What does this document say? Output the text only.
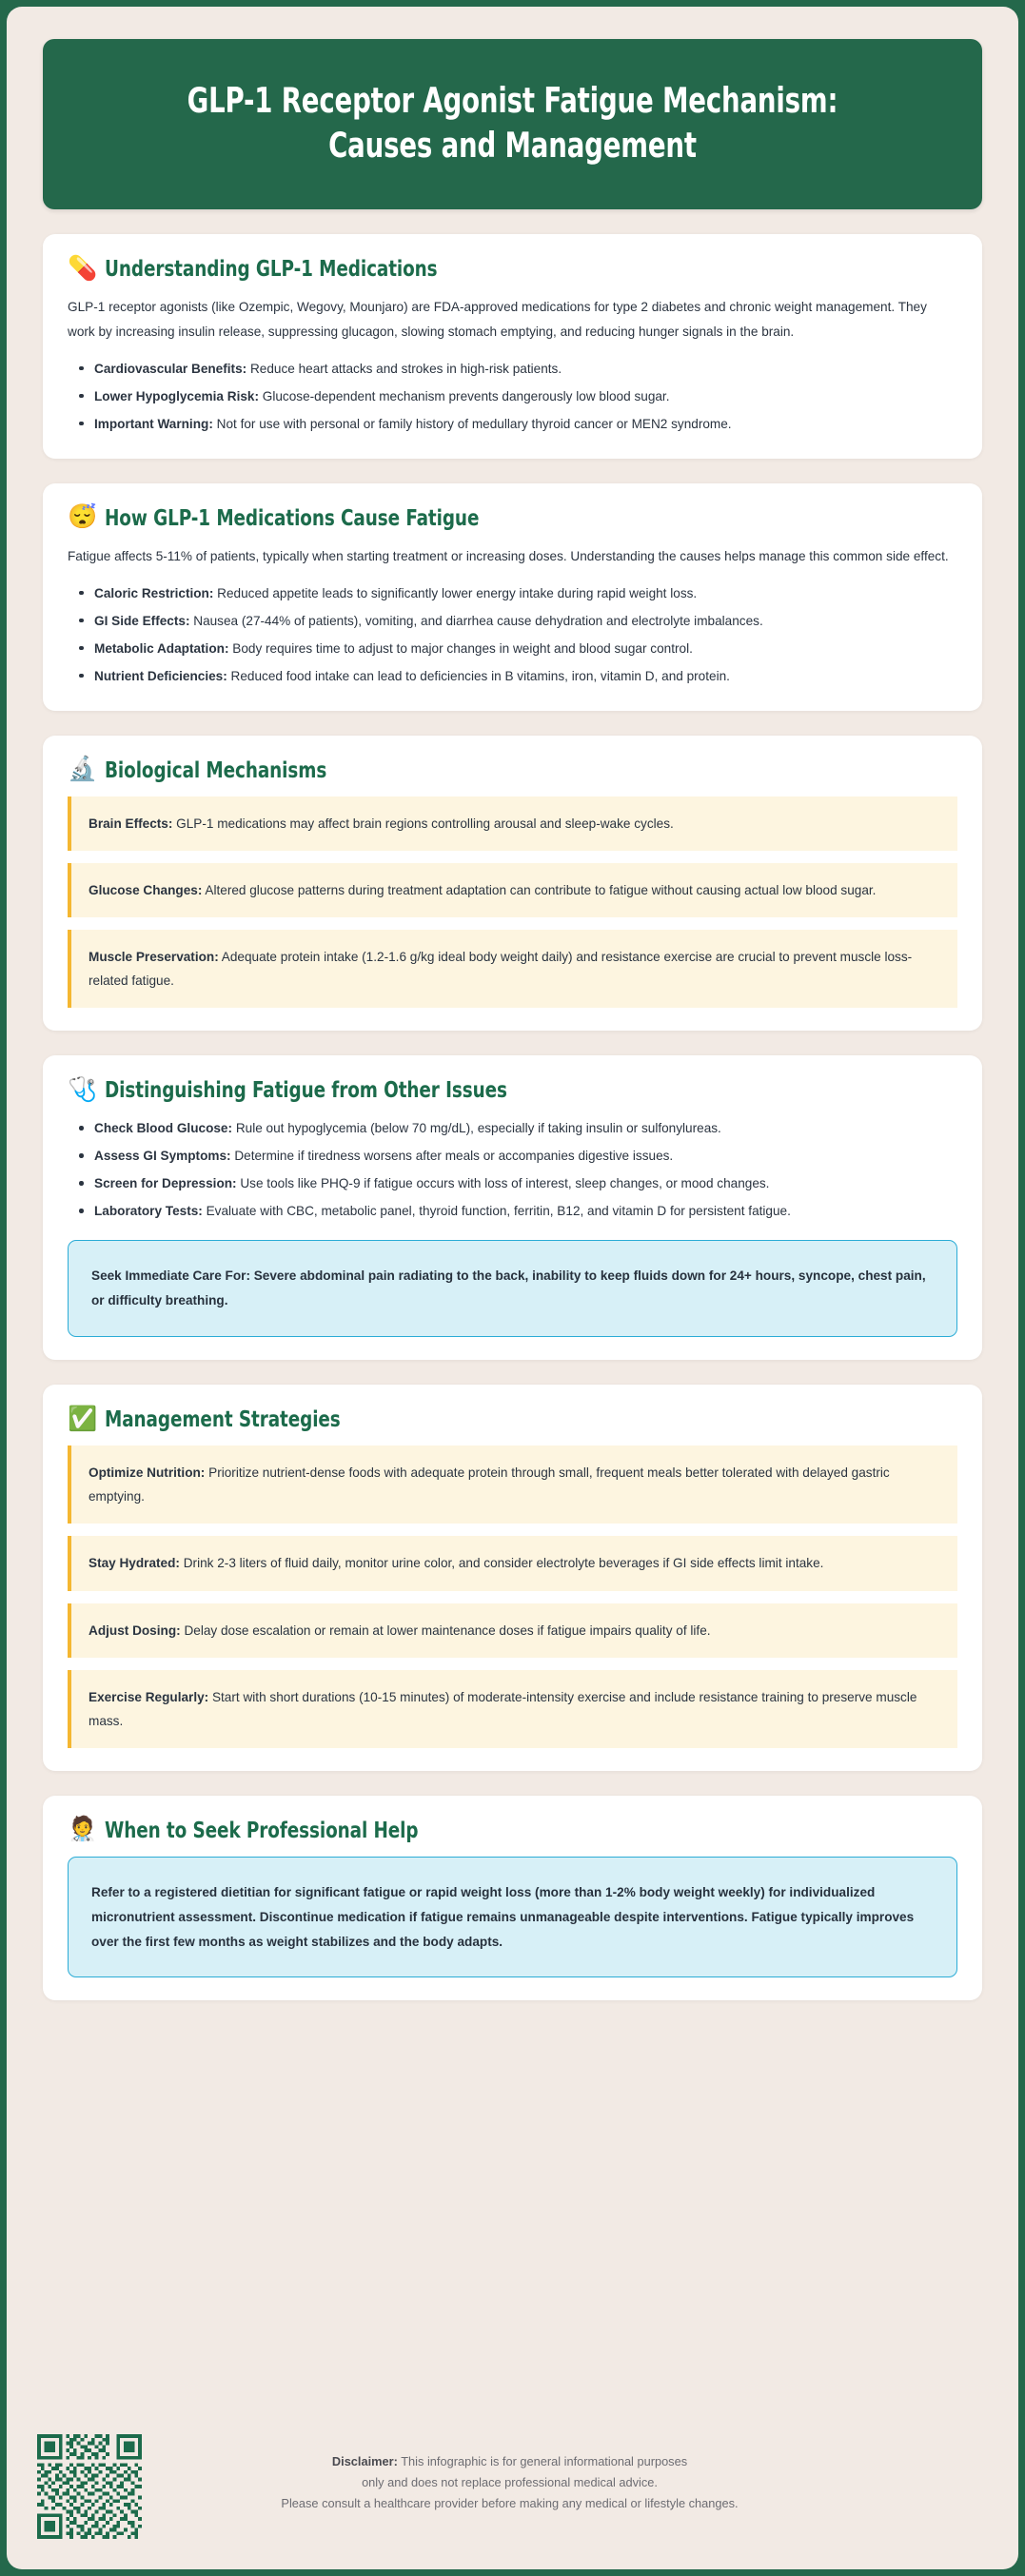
GLP-1 Receptor Agonist Fatigue Mechanism: Causes and Management
💊 Understanding GLP-1 Medications
GLP-1 receptor agonists (like Ozempic, Wegovy, Mounjaro) are FDA-approved medications for type 2 diabetes and chronic weight management. They work by increasing insulin release, suppressing glucagon, slowing stomach emptying, and reducing hunger signals in the brain.
Cardiovascular Benefits: Reduce heart attacks and strokes in high-risk patients.
Lower Hypoglycemia Risk: Glucose-dependent mechanism prevents dangerously low blood sugar.
Important Warning: Not for use with personal or family history of medullary thyroid cancer or MEN2 syndrome.
😴 How GLP-1 Medications Cause Fatigue
Fatigue affects 5-11% of patients, typically when starting treatment or increasing doses. Understanding the causes helps manage this common side effect.
Caloric Restriction: Reduced appetite leads to significantly lower energy intake during rapid weight loss.
GI Side Effects: Nausea (27-44% of patients), vomiting, and diarrhea cause dehydration and electrolyte imbalances.
Metabolic Adaptation: Body requires time to adjust to major changes in weight and blood sugar control.
Nutrient Deficiencies: Reduced food intake can lead to deficiencies in B vitamins, iron, vitamin D, and protein.
🔬 Biological Mechanisms
Brain Effects: GLP-1 medications may affect brain regions controlling arousal and sleep-wake cycles.
Glucose Changes: Altered glucose patterns during treatment adaptation can contribute to fatigue without causing actual low blood sugar.
Muscle Preservation: Adequate protein intake (1.2-1.6 g/kg ideal body weight daily) and resistance exercise are crucial to prevent muscle loss-related fatigue.
🩺 Distinguishing Fatigue from Other Issues
Check Blood Glucose: Rule out hypoglycemia (below 70 mg/dL), especially if taking insulin or sulfonylureas.
Assess GI Symptoms: Determine if tiredness worsens after meals or accompanies digestive issues.
Screen for Depression: Use tools like PHQ-9 if fatigue occurs with loss of interest, sleep changes, or mood changes.
Laboratory Tests: Evaluate with CBC, metabolic panel, thyroid function, ferritin, B12, and vitamin D for persistent fatigue.
Seek Immediate Care For: Severe abdominal pain radiating to the back, inability to keep fluids down for 24+ hours, syncope, chest pain, or difficulty breathing.
✅ Management Strategies
Optimize Nutrition: Prioritize nutrient-dense foods with adequate protein through small, frequent meals better tolerated with delayed gastric emptying.
Stay Hydrated: Drink 2-3 liters of fluid daily, monitor urine color, and consider electrolyte beverages if GI side effects limit intake.
Adjust Dosing: Delay dose escalation or remain at lower maintenance doses if fatigue impairs quality of life.
Exercise Regularly: Start with short durations (10-15 minutes) of moderate-intensity exercise and include resistance training to preserve muscle mass.
🧑‍⚕️ When to Seek Professional Help
Refer to a registered dietitian for significant fatigue or rapid weight loss (more than 1-2% body weight weekly) for individualized micronutrient assessment. Discontinue medication if fatigue remains unmanageable despite interventions. Fatigue typically improves over the first few months as weight stabilizes and the body adapts.
Disclaimer: This infographic is for general informational purposes
only and does not replace professional medical advice.
Please consult a healthcare provider before making any medical or lifestyle changes.
